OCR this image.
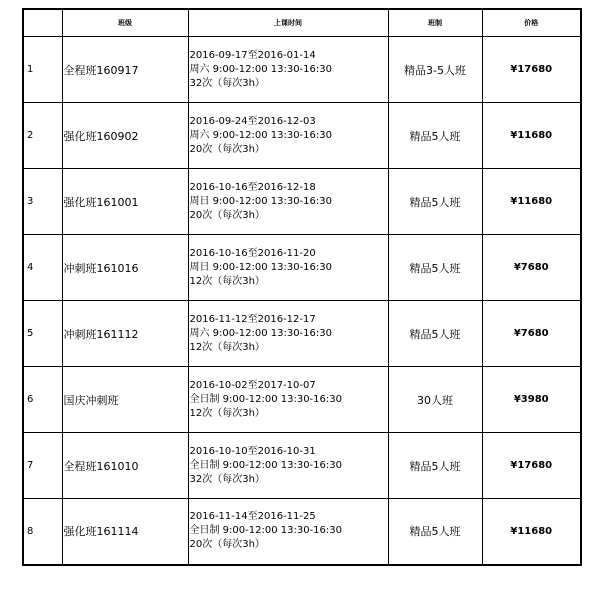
	班级	上课时间	班制	价格
1	全程班160917	2016-09-17至2016-01-14
周六 9:00-12:00 13:30-16:30
32次（每次3h）	精品3-5人班	¥17680
2	强化班160902	2016-09-24至2016-12-03
周六 9:00-12:00 13:30-16:30
20次（每次3h）	精品5人班	¥11680
3	强化班161001	2016-10-16至2016-12-18
周日 9:00-12:00 13:30-16:30
20次（每次3h）	精品5人班	¥11680
4	冲刺班161016	2016-10-16至2016-11-20
周日 9:00-12:00 13:30-16:30
12次（每次3h）	精品5人班	¥7680
5	冲刺班161112	2016-11-12至2016-12-17
周六 9:00-12:00 13:30-16:30
12次（每次3h）	精品5人班	¥7680
6	国庆冲刺班	2016-10-02至2017-10-07
全日制 9:00-12:00 13:30-16:30
12次（每次3h）	30人班	¥3980
7	全程班161010	2016-10-10至2016-10-31
全日制 9:00-12:00 13:30-16:30
32次（每次3h）	精品5人班	¥17680
8	强化班161114	2016-11-14至2016-11-25
全日制 9:00-12:00 13:30-16:30
20次（每次3h）	精品5人班	¥11680
